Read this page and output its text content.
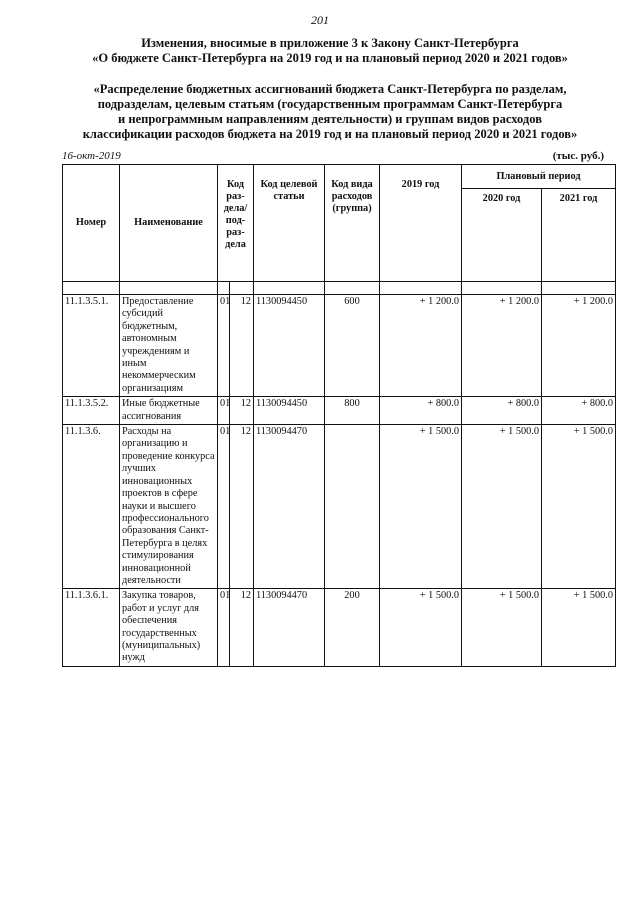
201
Изменения, вносимые в приложение 3 к Закону Санкт-Петербурга
«О бюджете Санкт-Петербурга на 2019 год и на плановый период 2020 и 2021 годов»
«Распределение бюджетных ассигнований бюджета Санкт-Петербурга по разделам,
подразделам, целевым статьям (государственным программам Санкт-Петербурга
и непрограммным направлениям деятельности) и группам видов расходов
классификации расходов бюджета на 2019 год и на плановый период 2020 и 2021 годов»
16-окт-2019	(тыс. руб.)
Номер	Наименование	Код раз-дела/ под-раз-дела		Код целевой статьи	Код вида расходов (группа)	2019 год	Плановый период	
							2020 год	2021 год

11.1.3.5.1.	Предоставление субсидий бюджетным, автономным учреждениям и иным некоммерческим организациям	01	12	1130094450	600	+ 1 200.0	+ 1 200.0	+ 1 200.0
11.1.3.5.2.	Иные бюджетные ассигнования	01	12	1130094450	800	+ 800.0	+ 800.0	+ 800.0
11.1.3.6.	Расходы на организацию и проведение конкурса лучших инновационных проектов в сфере науки и высшего профессионального образования Санкт-Петербурга в целях стимулирования инновационной деятельности	01	12	1130094470		+ 1 500.0	+ 1 500.0	+ 1 500.0
11.1.3.6.1.	Закупка товаров, работ и услуг для обеспечения государственных (муниципальных) нужд	01	12	1130094470	200	+ 1 500.0	+ 1 500.0	+ 1 500.0
